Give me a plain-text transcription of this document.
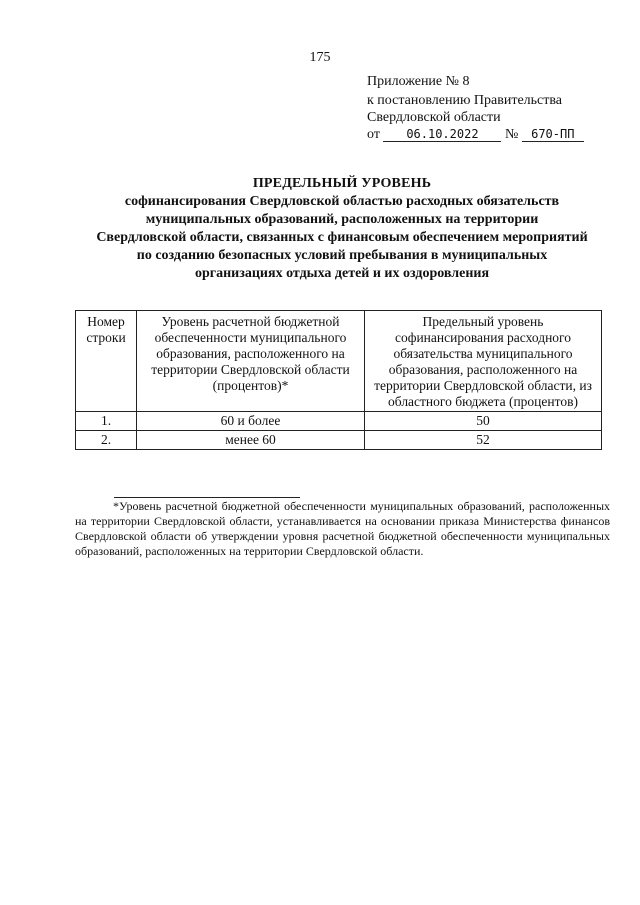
175
Приложение № 8
к постановлению Правительства
Свердловской области
от 06.10.2022 № 670-ПП
ПРЕДЕЛЬНЫЙ УРОВЕНЬ
софинансирования Свердловской областью расходных обязательств
муниципальных образований, расположенных на территории
Свердловской области, связанных с финансовым обеспечением мероприятий
по созданию безопасных условий пребывания в муниципальных
организациях отдыха детей и их оздоровления
Номер строки	Уровень расчетной бюджетной обеспеченности муниципального образования, расположенного на территории Свердловской области (процентов)*	Предельный уровень софинансирования расходного обязательства муниципального образования, расположенного на территории Свердловской области, из областного бюджета (процентов)
1.	60 и более	50
2.	менее 60	52
*Уровень расчетной бюджетной обеспеченности муниципальных образований, расположенных на территории Свердловской области, устанавливается на основании приказа Министерства финансов Свердловской области об утверждении уровня расчетной бюджетной обеспеченности муниципальных образований, расположенных на территории Свердловской области.
